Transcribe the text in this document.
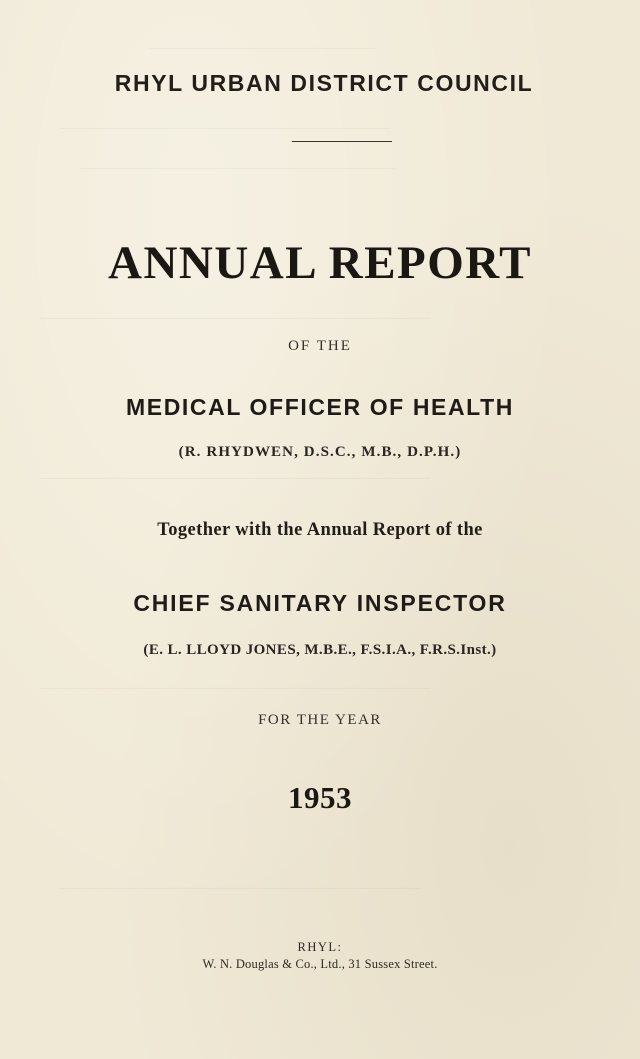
———————————————
——————————————————————
—————————————————————
——————————————————————————
——————————————————————————
——————————————————————————
————————————————————————
RHYL URBAN DISTRICT COUNCIL
ANNUAL REPORT
OF THE
MEDICAL OFFICER OF HEALTH
(R. RHYDWEN, D.S.C., M.B., D.P.H.)
Together with the Annual Report of the
CHIEF SANITARY INSPECTOR
(E. L. LLOYD JONES, M.B.E., F.S.I.A., F.R.S.Inst.)
FOR THE YEAR
1953
RHYL:
W. N. Douglas & Co., Ltd., 31 Sussex Street.
